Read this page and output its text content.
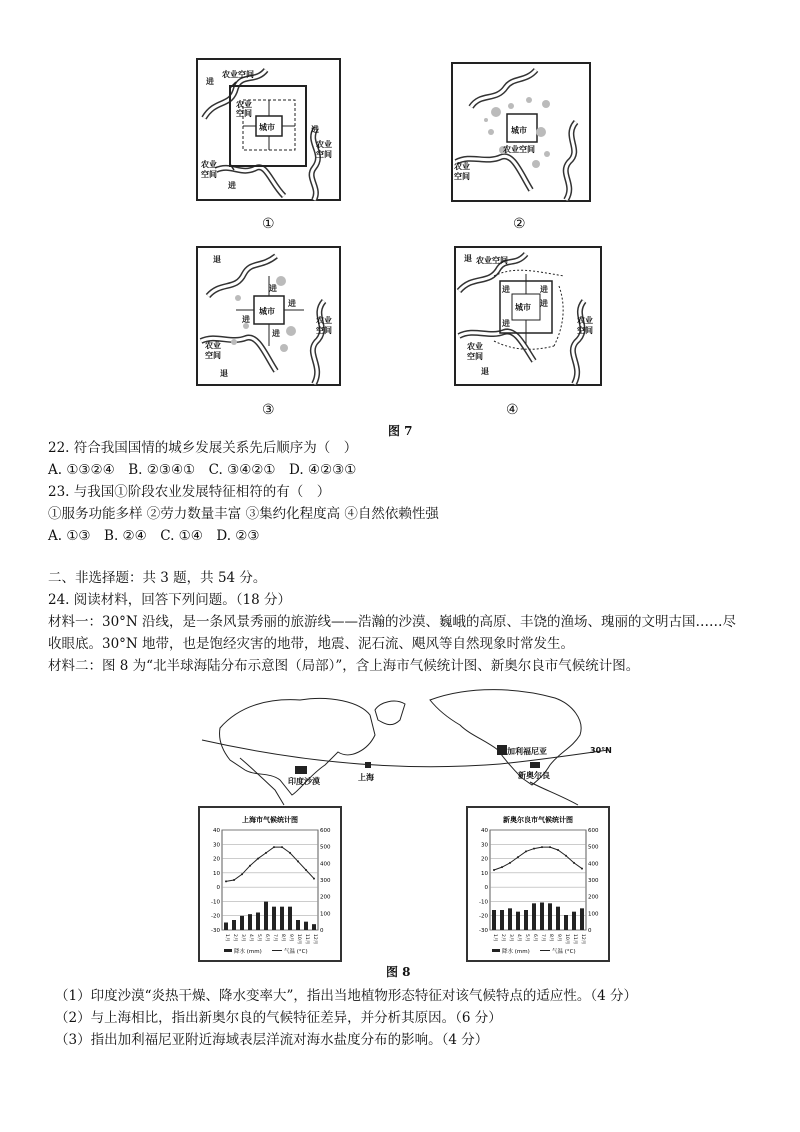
农业空间
进
城市
农业空间
农业空间
农业空间
进
进
①
城市
农业空间
农业空间
②
退
城市
进
进
进
进
农业空间
农业空间
退
③
退 农业空间
城市
进	进
进
进
农业空间
农业空间
退
④
图 7
22. 符合我国国情的城乡发展关系先后顺序为（　）
A. ①③②④　B. ②③④①　C. ③④②①　D. ④②③①
23. 与我国①阶段农业发展特征相符的有（　）
①服务功能多样 ②劳力数量丰富 ③集约化程度高 ④自然依赖性强
A. ①③　B. ②④　C. ①④　D. ②③
二、非选择题：共 3 题，共 54 分。
24. 阅读材料，回答下列问题。（18 分）
材料一：30°N 沿线，是一条风景秀丽的旅游线——浩瀚的沙漠、巍峨的高原、丰饶的渔场、瑰丽的文明古国……尽
收眼底。30°N 地带，也是饱经灾害的地带，地震、泥石流、飓风等自然现象时常发生。
材料二：图 8 为“北半球海陆分布示意图（局部）”，含上海市气候统计图、新奥尔良市气候统计图。
印度沙漠	上海
加利福尼亚
新奥尔良
30°N
上海市气候统计图
40
30
20
10
0
-10
-20
-30
600
500
400
300
200
100
0
1月 2月 3月 4月 5月 6月 7月 8月 9月 10月 11月 12月
降水 (mm)	气温 (°C)
新奥尔良市气候统计图
40
30
20
10
0
-10
-20
-30
600
500
400
300
200
100
0
1月 2月 3月 4月 5月 6月 7月 8月 9月 10月 11月 12月
降水 (mm)	气温 (°C)
图 8
（1）印度沙漠“炎热干燥、降水变率大”，指出当地植物形态特征对该气候特点的适应性。（4 分）
（2）与上海相比，指出新奥尔良的气候特征差异，并分析其原因。（6 分）
（3）指出加利福尼亚附近海域表层洋流对海水盐度分布的影响。（4 分）
